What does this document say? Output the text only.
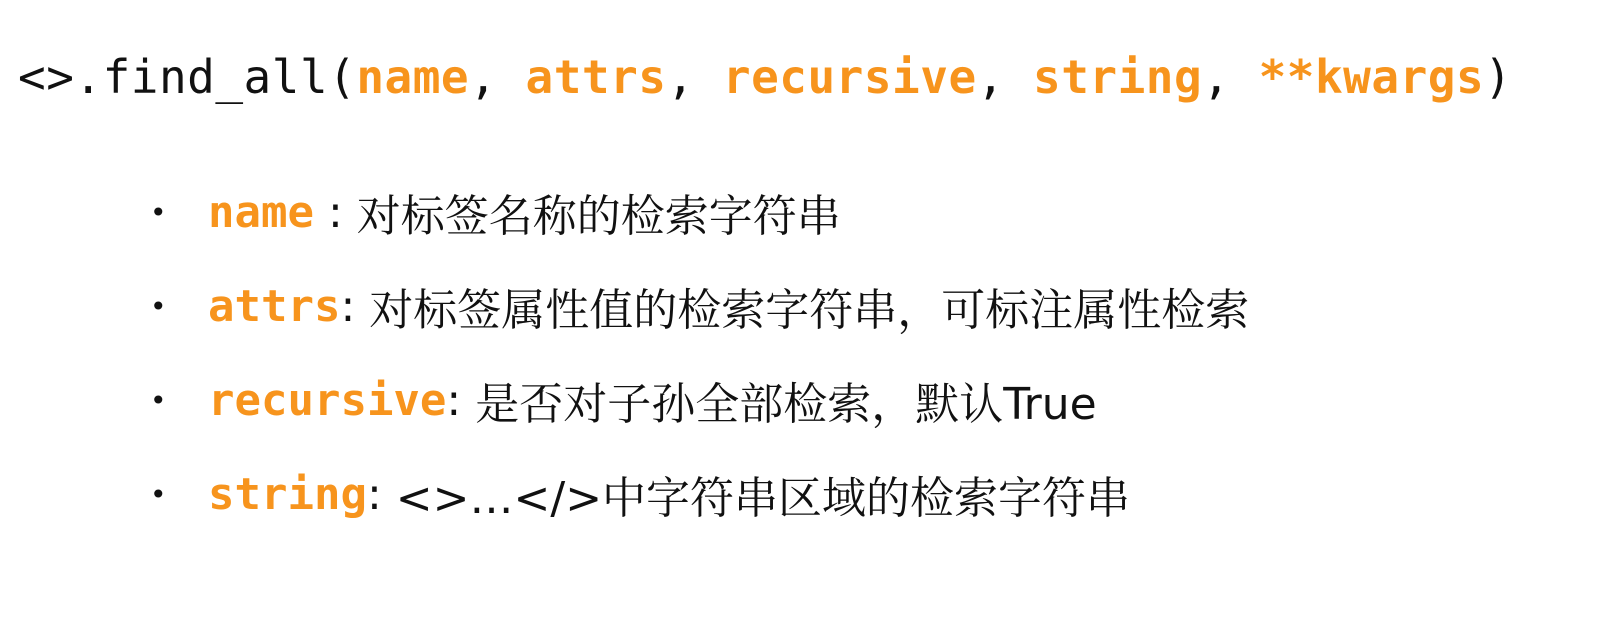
<>.find_all(name, attrs, recursive, string, **kwargs)
• name : 对标签名称的检索字符串
• attrs : 对标签属性值的检索字符串，可标注属性检索
• recursive : 是否对子孙全部检索，默认True
• string : <>…</>中字符串区域的检索字符串
